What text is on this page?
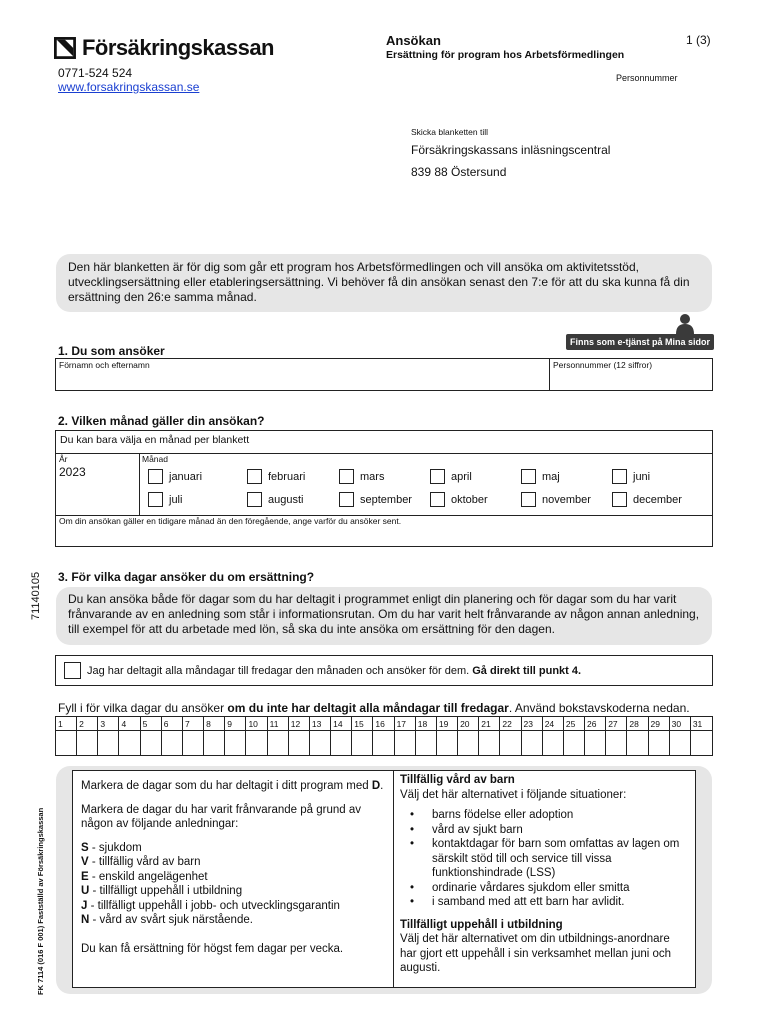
Försäkringskassan
0771-524 524
www.forsakringskassan.se
Ansökan
Ersättning för program hos Arbetsförmedlingen
1 (3)
Personnummer
Skicka blanketten till
Försäkringskassans inläsningscentral
839 88 Östersund
Den här blanketten är för dig som går ett program hos Arbetsförmedlingen och vill ansöka om aktivitetsstöd, utvecklingsersättning eller etableringsersättning. Vi behöver få din ansökan senast den 7:e för att du ska kunna få din ersättning den 26:e samma månad.
Finns som e-tjänst på Mina sidor
1. Du som ansöker
Förnamn och efternamn	Personnummer (12 siffror)
2. Vilken månad gäller din ansökan?
Du kan bara välja en månad per blankett
År
2023
Månad
januari	februari	mars	april	maj	juni
juli	augusti	september	oktober	november	december
Om din ansökan gäller en tidigare månad än den föregående, ange varför du ansöker sent.
71140105
FK 7114 (016 F 001) Fastställd av Försäkringskassan
3. För vilka dagar ansöker du om ersättning?
Du kan ansöka både för dagar som du har deltagit i programmet enligt din planering och för dagar som du har varit frånvarande av en anledning som står i informationsrutan. Om du har varit helt frånvarande av någon annan anledning, till exempel för att du arbetade med lön, så ska du inte ansöka om ersättning för den dagen.
Jag har deltagit alla måndagar till fredagar den månaden och ansöker för dem.
Gå direkt till punkt 4.
Fyll i för vilka dagar du ansöker om du inte har deltagit alla måndagar till fredagar. Använd bokstavskoderna nedan.
1	2	3	4	5	6	7	8	9	10	11	12	13	14	15	16	17	18	19	20	21	22	23	24	25	26	27	28	29	30	31

Markera de dagar som du har deltagit i ditt program med D.

Markera de dagar du har varit frånvarande på grund av någon av följande anledningar:

S - sjukdom
V - tillfällig vård av barn
E - enskild angelägenhet
U - tillfälligt uppehåll i utbildning
J - tillfälligt uppehåll i jobb- och utvecklingsgarantin
N - vård av svårt sjuk närstående.
Du kan få ersättning för högst fem dagar per vecka.
Tillfällig vård av barn
Välj det här alternativet i följande situationer:
• barns födelse eller adoption
• vård av sjukt barn
• kontaktdagar för barn som omfattas av lagen om särskilt stöd till och service till vissa funktionshindrade (LSS)
• ordinarie vårdares sjukdom eller smitta
• i samband med att ett barn har avlidit.
Tillfälligt uppehåll i utbildning
Välj det här alternativet om din utbildnings-anordnare har gjort ett uppehåll i sin verksamhet mellan juni och augusti.
